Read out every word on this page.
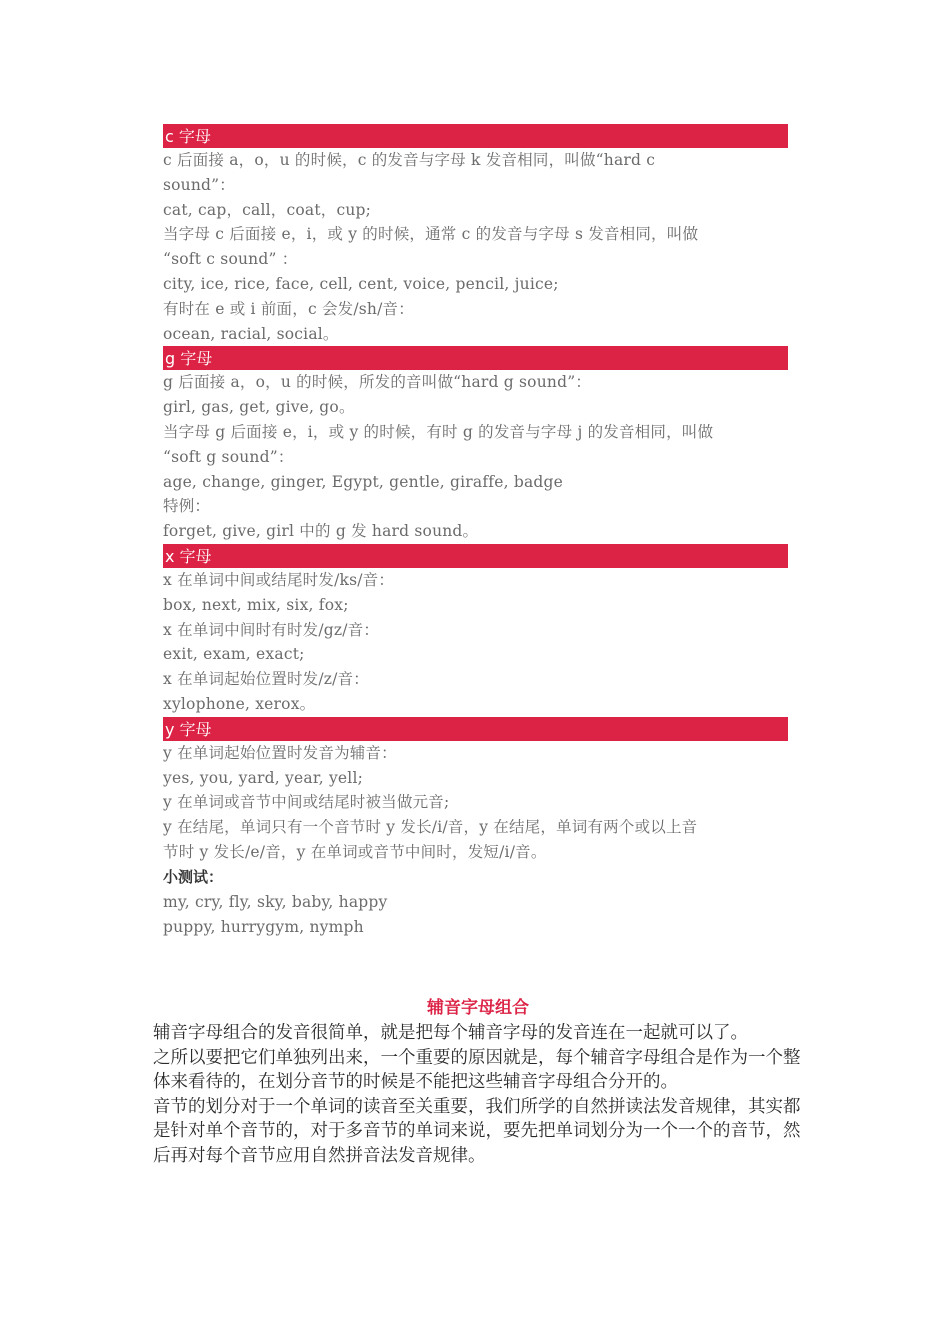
c 字母
c 后面接 a，o，u 的时候，c 的发音与字母 k 发音相同，叫做“hard c
sound”：
cat, cap，call，coat，cup;
当字母 c 后面接 e，i，或 y 的时候，通常 c 的发音与字母 s 发音相同，叫做
“soft c sound” ：
city, ice, rice, face, cell, cent, voice, pencil, juice;
有时在 e 或 i 前面，c 会发/sh/音：
ocean, racial, social。
g 字母
g 后面接 a，o，u 的时候，所发的音叫做“hard g sound”：
girl, gas, get, give, go。
当字母 g 后面接 e，i，或 y 的时候，有时 g 的发音与字母 j 的发音相同，叫做
“soft g sound”：
age, change, ginger, Egypt, gentle, giraffe, badge
特例：
forget, give, girl 中的 g 发 hard sound。
x 字母
x 在单词中间或结尾时发/ks/音：
box, next, mix, six, fox;
x 在单词中间时有时发/gz/音：
exit, exam, exact;
x 在单词起始位置时发/z/音：
xylophone, xerox。
y 字母
y 在单词起始位置时发音为辅音：
yes, you, yard, year, yell;
y 在单词或音节中间或结尾时被当做元音;
y 在结尾，单词只有一个音节时 y 发长/i/音，y 在结尾，单词有两个或以上音
节时 y 发长/e/音，y 在单词或音节中间时，发短/i/音。
小测试：
my, cry, fly, sky, baby, happy
puppy, hurrygym, nymph
辅音字母组合

辅音字母组合的发音很简单，就是把每个辅音字母的发音连在一起就可以了。

之所以要把它们单独列出来，一个重要的原因就是，每个辅音字母组合是作为一个整体来看待的，在划分音节的时候是不能把这些辅音字母组合分开的。

音节的划分对于一个单词的读音至关重要，我们所学的自然拼读法发音规律，其实都是针对单个音节的，对于多音节的单词来说，要先把单词划分为一个一个的音节，然后再对每个音节应用自然拼音法发音规律。
